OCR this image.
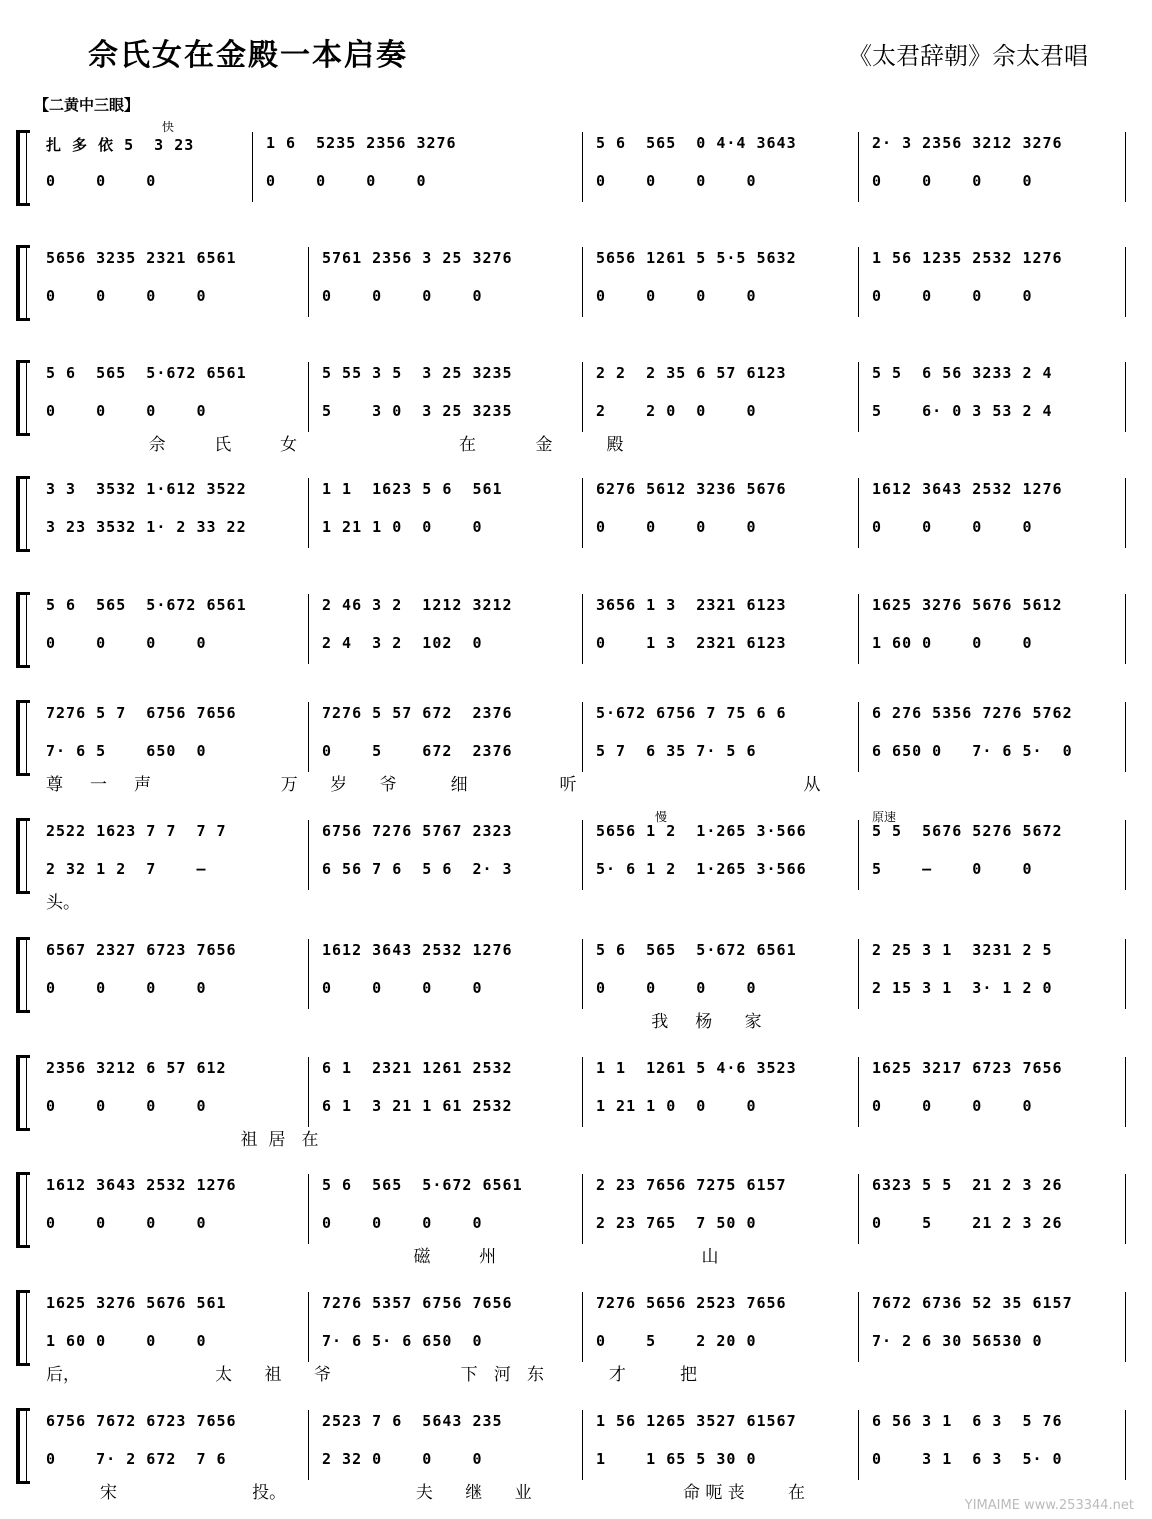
佘氏女在金殿一本启奏	《太君辞朝》佘太君唱
【二黄中三眼】
扎 多 依 5  3 23	1 6  5235 2356 3276	5 6  565  0 4·4 3643	2· 3 2356 3212 3276
0    0    0	0    0    0    0	0    0    0    0	0    0    0    0
5656 3235 2321 6561	5761 2356 3 25 3276	5656 1261 5 5·5 5632	1 56 1235 2532 1276
0    0    0    0	0    0    0    0	0    0    0    0	0    0    0    0
5 6  565  5·672 6561	5 55 3 5  3 25 3235	2 2  2 35 6 57 6123	5 5  6 56 3233 2 4
0    0    0    0	5    3 0  3 25 3235	2    2 0  0    0	5    6· 0 3 53 2 4
佘         氏         女                              在           金          殿
3 3  3532 1·612 3522	1 1  1623 5 6  561	6276 5612 3236 5676	1612 3643 2532 1276
3 23 3532 1· 2 33 22	1 21 1 0  0    0	0    0    0    0	0    0    0    0
5 6  565  5·672 6561	2 46 3 2  1212 3212	3656 1 3  2321 6123	1625 3276 5676 5612
0    0    0    0	2 4  3 2  102  0	0    1 3  2321 6123	1 60 0    0    0
7276 5 7  6756 7656	7276 5 57 672  2376	5·672 6756 7 75 6 6	6 276 5356 7276 5762
7· 6 5    650  0	0    5    672  2376	5 7  6 35 7· 5 6	6 650 0   7· 6 5·  0
尊     一     声                        万      岁      爷          细                 听                                          从
2522 1623 7 7  7 7	6756 7276 5767 2323	5656 1 2  1·265 3·566	5 5  5676 5276 5672
2 32 1 2  7    —	6 56 7 6  5 6  2· 3	5· 6 1 2  1·265 3·566	5    —    0    0
头。
6567 2327 6723 7656	1612 3643 2532 1276	5 6  565  5·672 6561	2 25 3 1  3231 2 5
0    0    0    0	0    0    0    0	0    0    0    0	2 15 3 1  3· 1 2 0
我     杨      家
2356 3212 6 57 612	6 1  2321 1261 2532	1 1  1261 5 4·6 3523	1625 3217 6723 7656
0    0    0    0	6 1  3 21 1 61 2532	1 21 1 0  0    0	0    0    0    0
祖  居   在
1612 3643 2532 1276	5 6  565  5·672 6561	2 23 7656 7275 6157	6323 5 5  21 2 3 26
0    0    0    0	0    0    0    0	2 23 765  7 50 0	0    5    21 2 3 26
磁         州                                      山
1625 3276 5676 561	7276 5357 6756 7656	7276 5656 2523 7656	7672 6736 52 35 6157
1 60 0    0    0	7· 6 5· 6 650  0	0    5    2 20 0	7· 2 6 30 56530 0
后，                         太      祖      爷                        下   河   东            才          把
6756 7672 6723 7656	2523 7 6  5643 235	1 56 1265 3527 61567	6 56 3 1  6 3  5 76
0    7· 2 672  7 6	2 32 0    0    0	1    1 65 5 30 0	0    3 1  6 3  5· 0
宋                         投。                        夫      继      业                            命 呃 丧        在
快
慢	原速
YIMAIME www.253344.net
